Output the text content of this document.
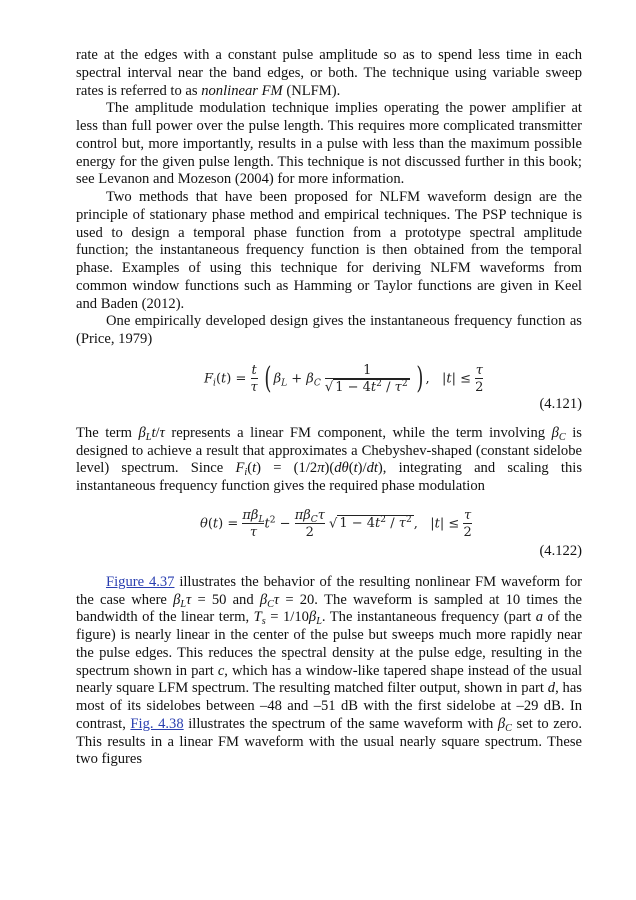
rate at the edges with a constant pulse amplitude so as to spend less time in each spectral interval near the band edges, or both. The technique using variable sweep rates is referred to as nonlinear FM (NLFM).

The amplitude modulation technique implies operating the power amplifier at less than full power over the pulse length. This requires more complicated transmitter control but, more importantly, results in a pulse with less than the maximum possible energy for the given pulse length. This technique is not discussed further in this book; see Levanon and Mozeson (2004) for more information.

Two methods that have been proposed for NLFM waveform design are the principle of stationary phase method and empirical techniques. The PSP technique is used to design a temporal phase function from a prototype spectral amplitude function; the instantaneous frequency function is then obtained from the temporal phase. Examples of using this technique for deriving NLFM waveforms from common window functions such as Hamming or Taylor functions are given in Keel and Baden (2012).

One empirically developed design gives the instantaneous frequency function as (Price, 1979)

$F_i(t) = \frac{t}{\tau}$ ( $\beta_L + \beta_C \frac{1}{√ 1 - 4t^2 / \tau^2}$ ) ,   $|t| \le \frac{\tau}{2}$
(4.121)

The term $\beta_Lt/\tau$ represents a linear FM component, while the term involving $\beta_C$ is designed to achieve a result that approximates a Chebyshev-shaped (constant sidelobe level) spectrum. Since $F_i(t) = (1/2\pi)(d\theta(t)/dt)$, integrating and scaling this instantaneous frequency function gives the required phase modulation

$\theta(t) = \frac{\pi\beta_L}{\tau} t^2 - \frac{\pi\beta_C\tau}{2}$ √ $1 - 4t^2 / \tau^2$ ,   $|t| \le \frac{\tau}{2}$
(4.122)

Figure 4.37 illustrates the behavior of the resulting nonlinear FM waveform for the case where $\beta_L\tau = 50$ and $\beta_C\tau = 20$. The waveform is sampled at 10 times the bandwidth of the linear term, $T_s = 1/10\beta_L$. The instantaneous frequency (part a of the figure) is nearly linear in the center of the pulse but sweeps much more rapidly near the pulse edges. This reduces the spectral density at the pulse edge, resulting in the spectrum shown in part c, which has a window-like tapered shape instead of the usual nearly square LFM spectrum. The resulting matched filter output, shown in part d, has most of its sidelobes between –48 and –51 dB with the first sidelobe at –29 dB. In contrast, Fig. 4.38 illustrates the spectrum of the same waveform with $\beta_C$ set to zero. This results in a linear FM waveform with the usual nearly square spectrum. These two figures
